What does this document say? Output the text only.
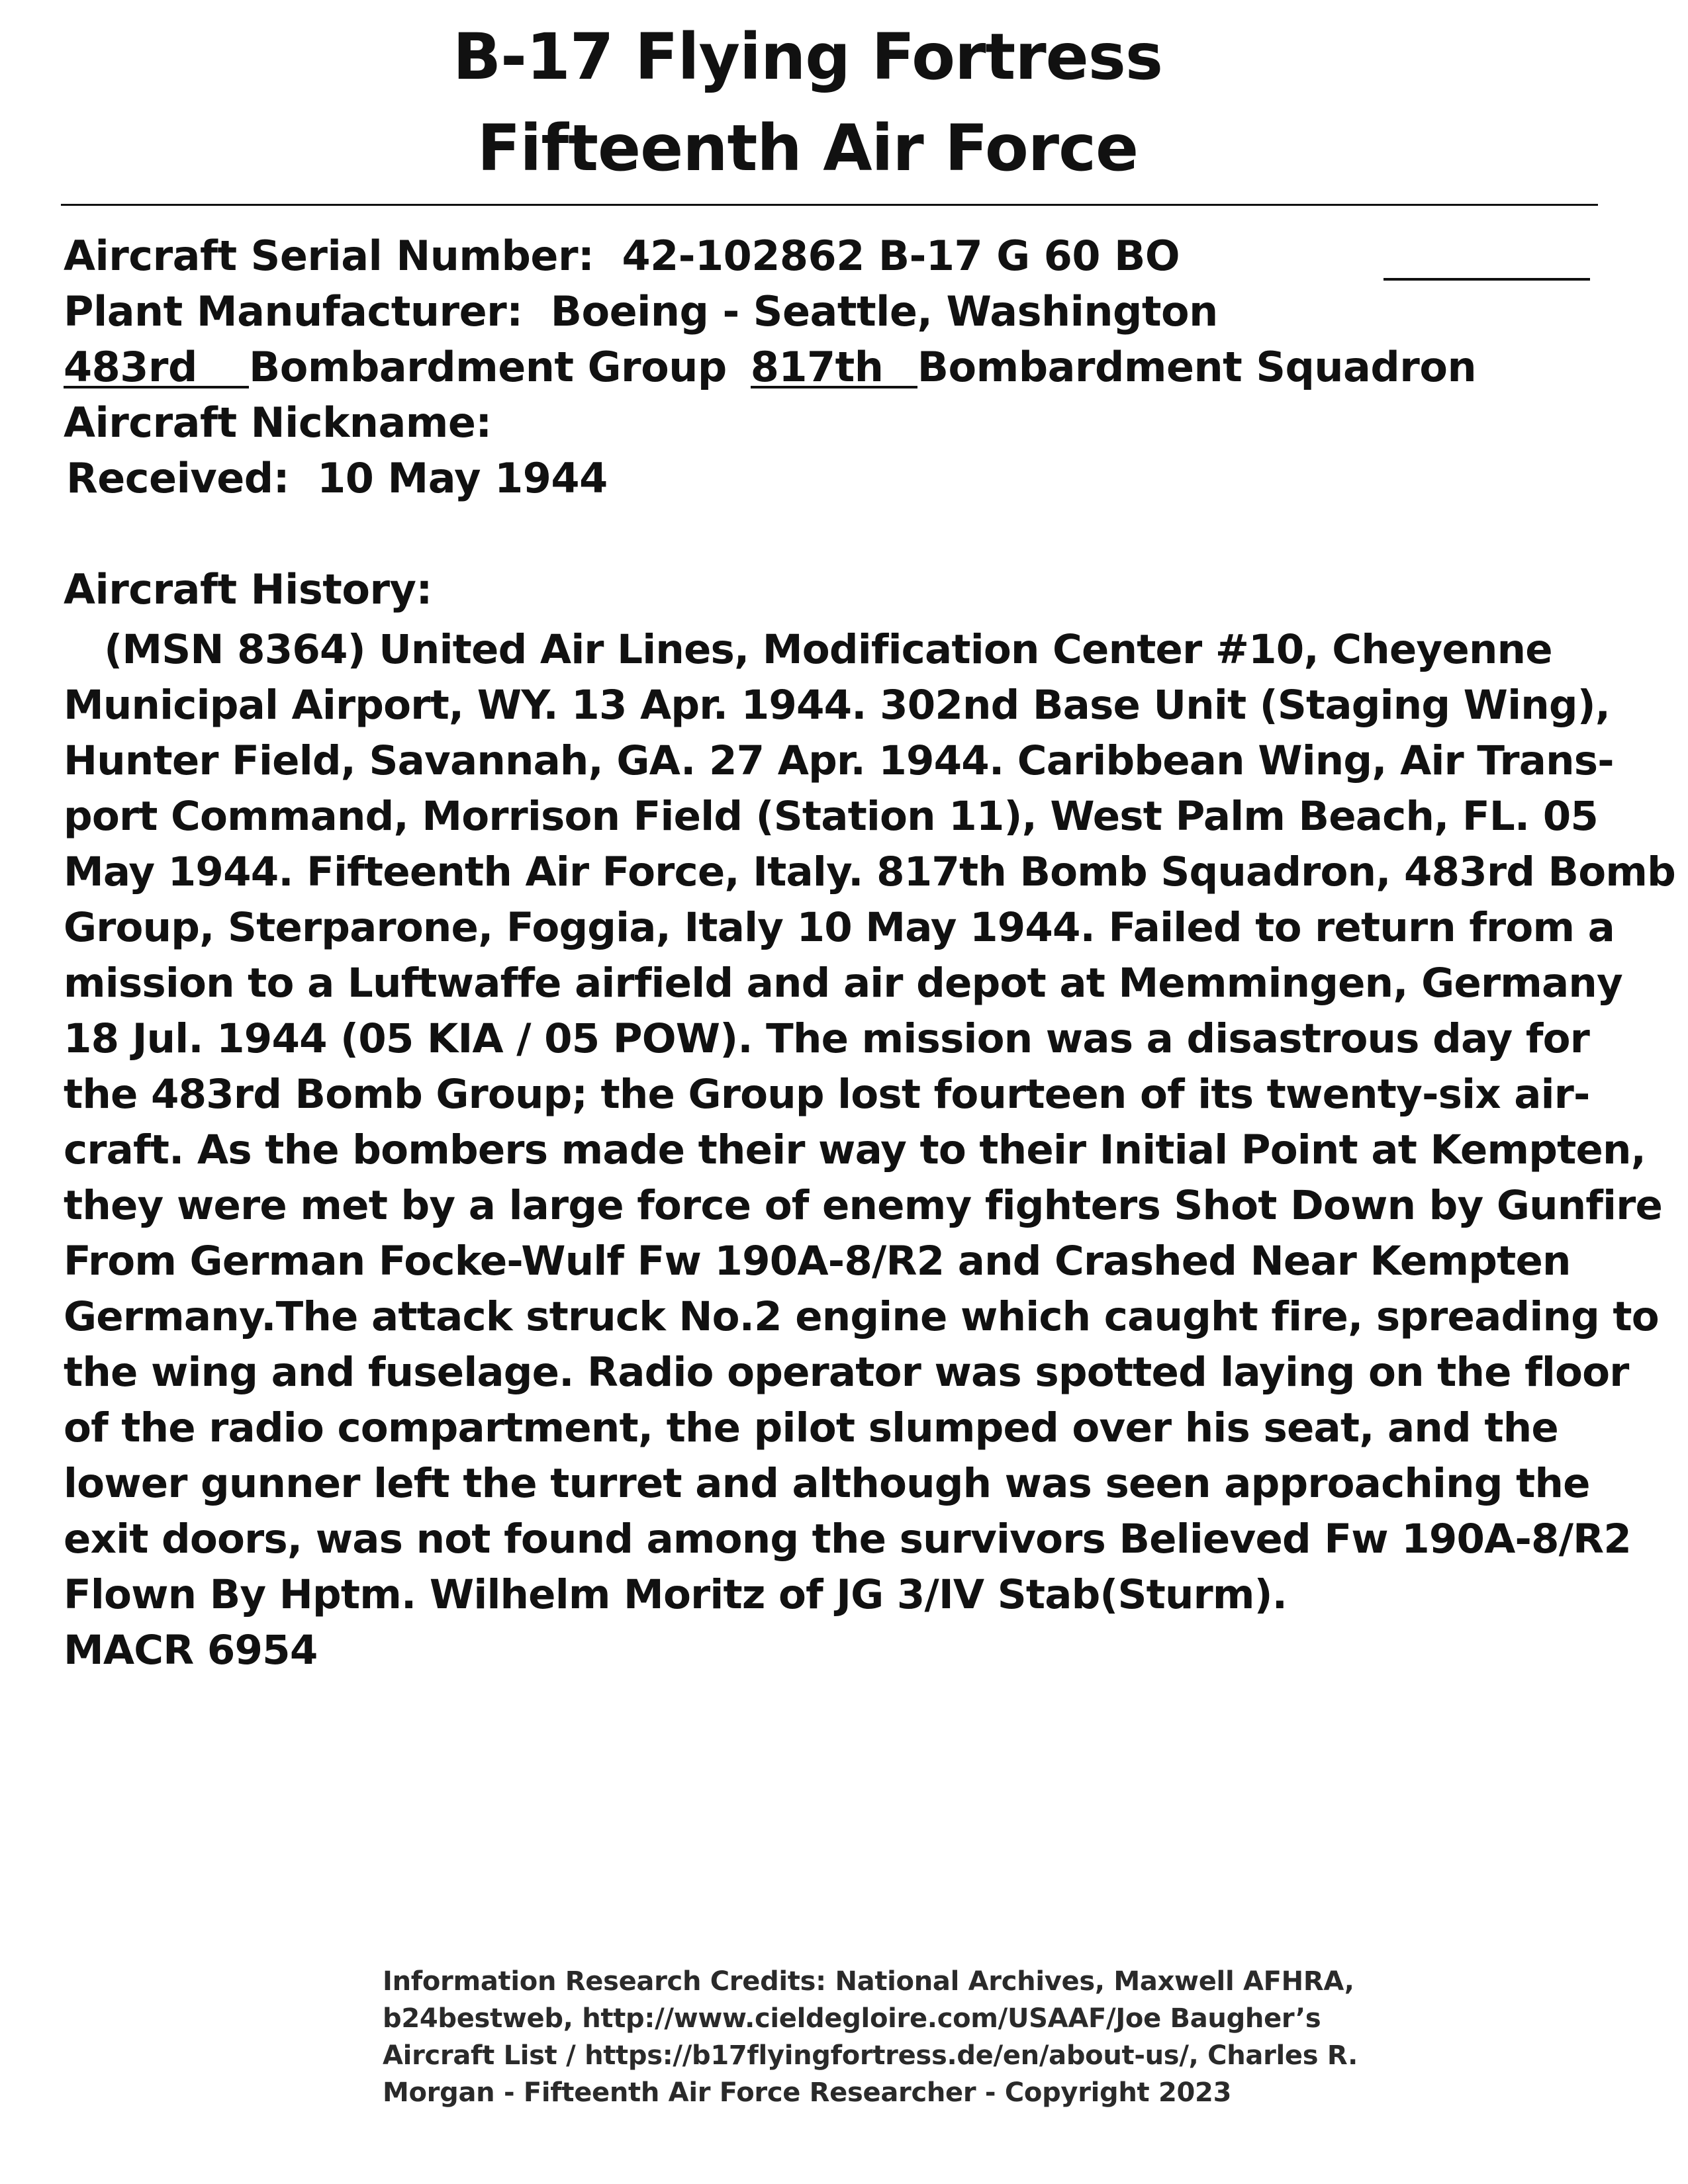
B-17 Flying Fortress
Fifteenth Air Force
Aircraft Serial Number: 42-102862 B-17 G 60 BO
Plant Manufacturer: Boeing - Seattle, Washington
483rd Bombardment Group 817th Bombardment Squadron
Aircraft Nickname:
Received: 10 May 1944
Aircraft History:
(MSN 8364) United Air Lines, Modification Center #10, Cheyenne
Municipal Airport, WY. 13 Apr. 1944. 302nd Base Unit (Staging Wing),
Hunter Field, Savannah, GA. 27 Apr. 1944. Caribbean Wing, Air Trans-
port Command, Morrison Field (Station 11), West Palm Beach, FL. 05
May 1944. Fifteenth Air Force, Italy. 817th Bomb Squadron, 483rd Bomb
Group, Sterparone, Foggia, Italy 10 May 1944. Failed to return from a
mission to a Luftwaffe airfield and air depot at Memmingen, Germany
18 Jul. 1944 (05 KIA / 05 POW). The mission was a disastrous day for
the 483rd Bomb Group; the Group lost fourteen of its twenty-six air-
craft. As the bombers made their way to their Initial Point at Kempten,
they were met by a large force of enemy fighters Shot Down by Gunfire
From German Focke-Wulf Fw 190A-8/R2 and Crashed Near Kempten
Germany.The attack struck No.2 engine which caught fire, spreading to
the wing and fuselage. Radio operator was spotted laying on the floor
of the radio compartment, the pilot slumped over his seat, and the
lower gunner left the turret and although was seen approaching the
exit doors, was not found among the survivors Believed Fw 190A-8/R2
Flown By Hptm. Wilhelm Moritz of JG 3/IV Stab(Sturm).
MACR 6954
Information Research Credits: National Archives, Maxwell AFHRA,
b24bestweb, http://www.cieldegloire.com/USAAF/Joe Baugher’s
Aircraft List / https://b17flyingfortress.de/en/about-us/, Charles R.
Morgan - Fifteenth Air Force Researcher - Copyright 2023
